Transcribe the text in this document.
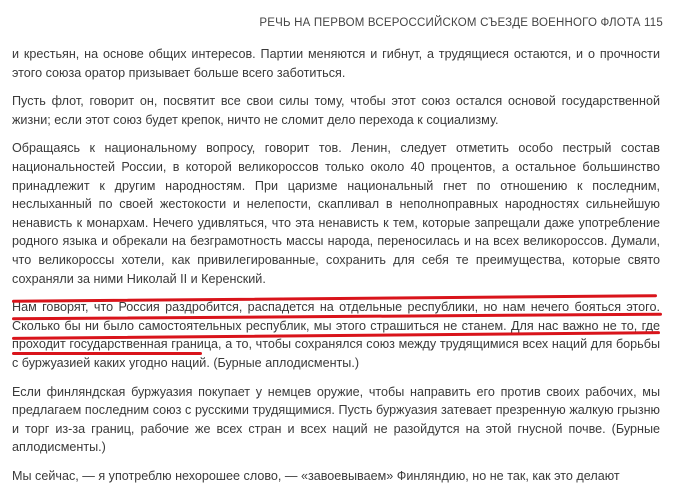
РЕЧЬ НА ПЕРВОМ ВСЕРОССИЙСКОМ СЪЕЗДЕ ВОЕННОГО ФЛОТА 115

и крестьян, на основе общих интересов. Партии меняются и гибнут, а трудящиеся остаются, и о прочности этого союза оратор призывает больше всего заботиться.

Пусть флот, говорит он, посвятит все свои силы тому, чтобы этот союз остался основой государственной жизни; если этот союз будет крепок, ничто не сломит дело перехода к социализму.

Обращаясь к национальному вопросу, говорит тов. Ленин, следует отметить особо пестрый состав национальностей России, в которой великороссов только около 40 процентов, а остальное большинство принадлежит к другим народностям. При царизме национальный гнет по отношению к последним, неслыханный по своей жестокости и нелепости, скапливал в неполноправных народностях сильнейшую ненависть к монархам. Нечего удивляться, что эта ненависть к тем, которые запрещали даже употребление родного языка и обрекали на безграмотность массы народа, переносилась и на всех великороссов. Думали, что великороссы хотели, как привилегированные, сохранить для себя те преимущества, которые свято сохраняли за ними Николай II и Керенский.

Нам говорят, что Россия раздробится, распадется на отдельные республики, но нам нечего бояться этого. Сколько бы ни было самостоятельных республик, мы этого страшиться не станем. Для нас важно не то, где проходит государственная граница, а то, чтобы сохранялся союз между трудящимися всех наций для борьбы с буржуазией каких угодно наций. (Бурные аплодисменты.)

Если финляндская буржуазия покупает у немцев оружие, чтобы направить его против своих рабочих, мы предлагаем последним союз с русскими трудящимися. Пусть буржуазия затевает презренную жалкую грызню и торг из-за границ, рабочие же всех стран и всех наций не разойдутся на этой гнусной почве. (Бурные аплодисменты.)

Мы сейчас, — я употреблю нехорошее слово, — «завоевываем» Финляндию, но не так, как это делают
